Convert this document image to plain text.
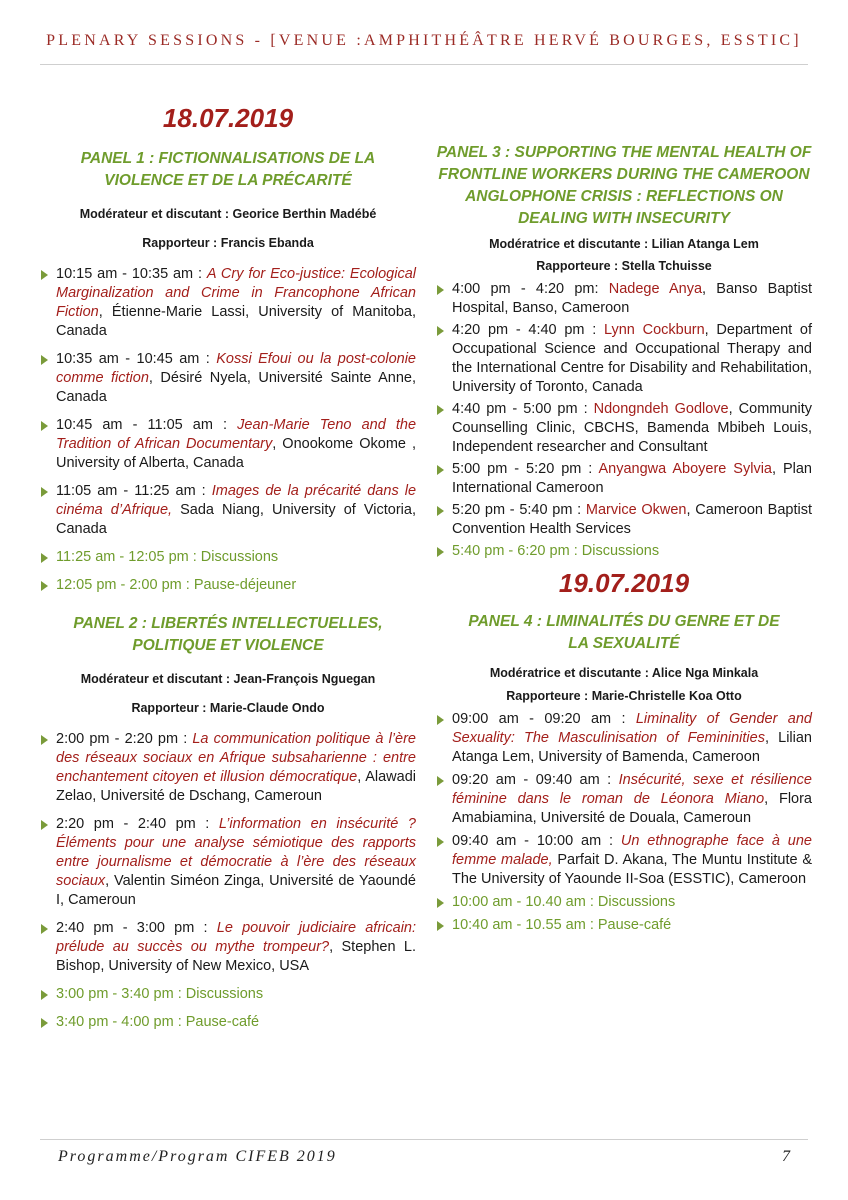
PLENARY SESSIONS - [VENUE :AMPHITHÉÂTRE HERVÉ BOURGES, ESSTIC]
18.07.2019
PANEL 1 : FICTIONNALISATIONS DE LA VIOLENCE ET DE LA PRÉCARITÉ
Modérateur et discutant : Georice Berthin Madébé
Rapporteur : Francis Ebanda
10:15 am - 10:35 am : A Cry for Eco-justice: Ecological Marginalization and Crime in Francophone African Fiction, Étienne-Marie Lassi, University of Manitoba, Canada
10:35 am - 10:45 am : Kossi Efoui ou la post-colonie comme fiction, Désiré Nyela, Université Sainte Anne, Canada
10:45 am - 11:05 am : Jean-Marie Teno and the Tradition of African Documentary, Onookome Okome , University of Alberta, Canada
11:05 am - 11:25 am : Images de la précarité dans le cinéma d’Afrique, Sada Niang, University of Victoria, Canada
11:25 am - 12:05 pm : Discussions
12:05 pm - 2:00 pm : Pause-déjeuner
PANEL 2 : LIBERTÉS INTELLECTUELLES, POLITIQUE ET VIOLENCE
Modérateur et discutant : Jean-François Nguegan
Rapporteur : Marie-Claude Ondo
2:00 pm - 2:20 pm : La communication politique à l’ère des réseaux sociaux en Afrique subsaharienne : entre enchantement citoyen et illusion démocratique, Alawadi Zelao, Université de Dschang, Cameroun
2:20 pm - 2:40 pm : L’information en insécurité ? Éléments pour une analyse sémiotique des rapports entre journalisme et démocratie à l’ère des réseaux sociaux, Valentin Siméon Zinga, Université de Yaoundé I, Cameroun
2:40 pm - 3:00 pm : Le pouvoir judiciaire africain: prélude au succès ou mythe trompeur?, Stephen L. Bishop, University of New Mexico, USA
3:00 pm - 3:40 pm : Discussions
3:40 pm - 4:00 pm : Pause-café
PANEL 3 : SUPPORTING THE MENTAL HEALTH OF FRONTLINE WORKERS DURING THE CAMEROON ANGLOPHONE CRISIS : REFLECTIONS ON DEALING WITH INSECURITY
Modératrice et discutante : Lilian Atanga Lem
Rapporteure : Stella Tchuisse
4:00 pm - 4:20 pm: Nadege Anya, Banso Baptist Hospital, Banso, Cameroon
4:20 pm - 4:40 pm : Lynn Cockburn, Department of Occupational Science and Occupational Therapy and the International Centre for Disability and Rehabilitation, University of Toronto, Canada
4:40 pm - 5:00 pm : Ndongndeh Godlove, Community Counselling Clinic, CBCHS, Bamenda Mbibeh Louis, Independent researcher and Consultant
5:00 pm - 5:20 pm : Anyangwa Aboyere Sylvia, Plan International Cameroon
5:20 pm - 5:40 pm : Marvice Okwen, Cameroon Baptist Convention Health Services
5:40 pm - 6:20 pm : Discussions
19.07.2019
PANEL 4 : LIMINALITÉS DU GENRE ET DE LA SEXUALITÉ
Modératrice et discutante : Alice Nga Minkala
Rapporteure : Marie-Christelle Koa Otto
09:00 am - 09:20 am : Liminality of Gender and Sexuality: The Masculinisation of Femininities, Lilian Atanga Lem, University of Bamenda, Cameroon
09:20 am - 09:40 am : Insécurité, sexe et résilience féminine dans le roman de Léonora Miano, Flora Amabiamina, Université de Douala, Cameroun
09:40 am - 10:00 am : Un ethnographe face à une femme malade, Parfait D. Akana, The Muntu Institute & The University of Yaounde II-Soa (ESSTIC), Cameroon
10:00 am - 10.40 am : Discussions
10:40 am - 10.55 am : Pause-café
Programme/Program CIFEB 2019	7
